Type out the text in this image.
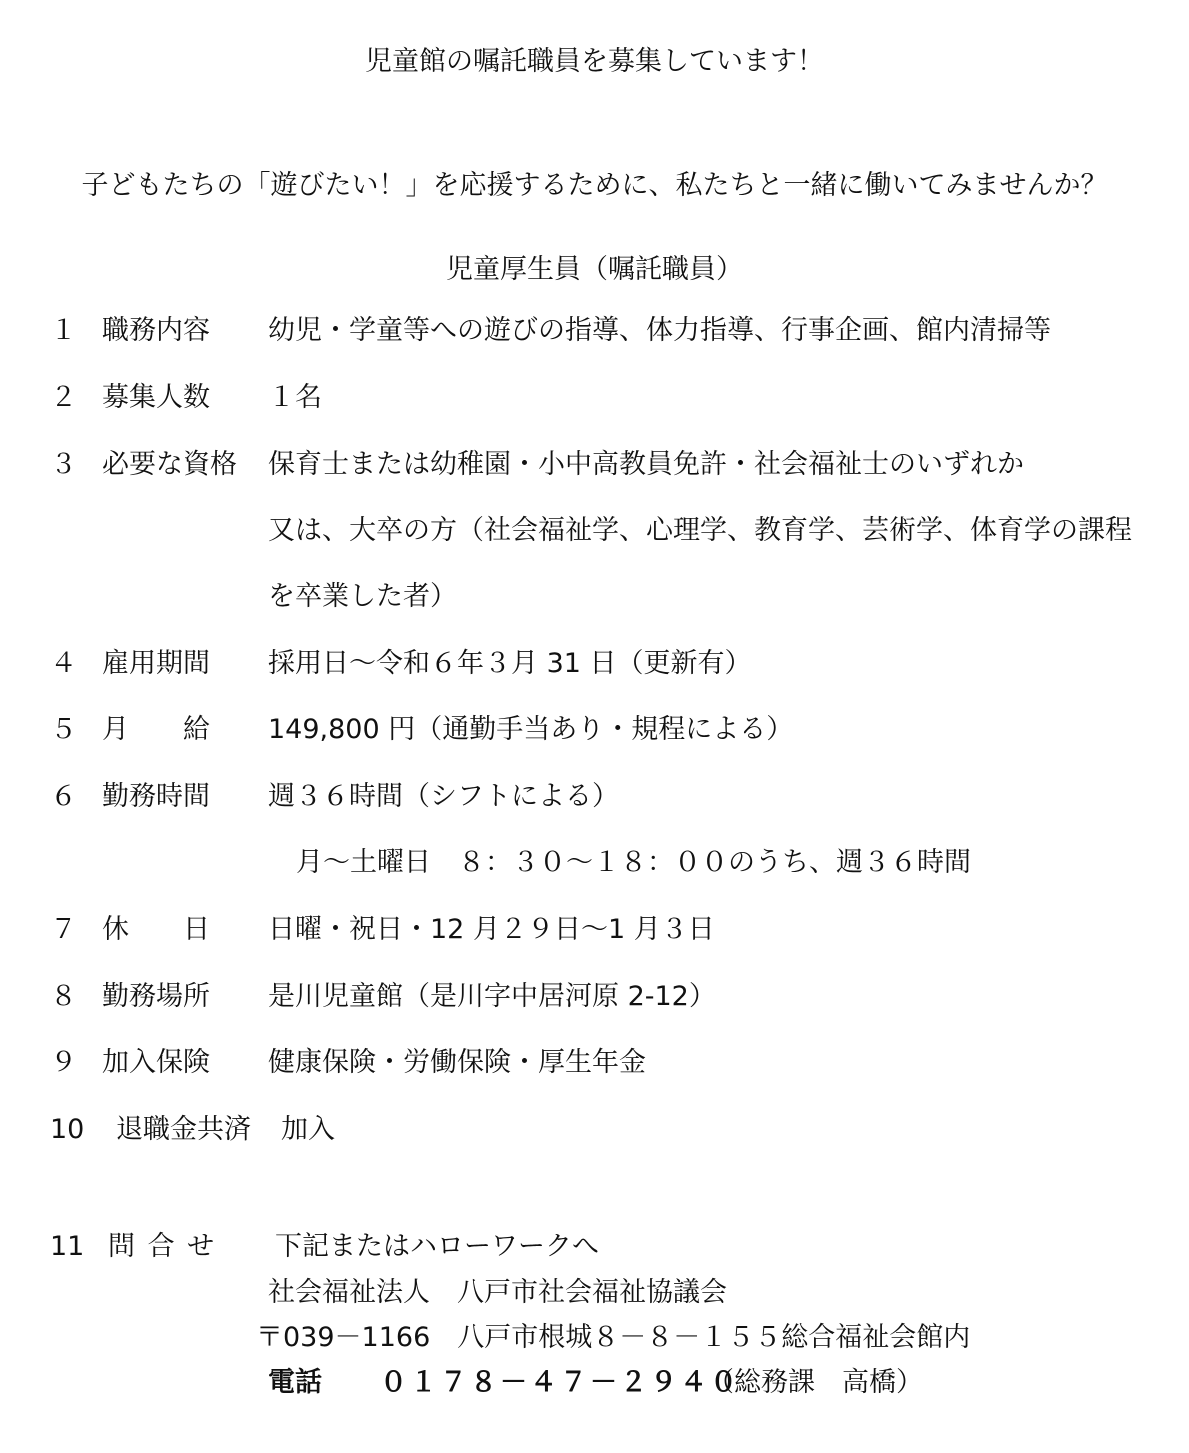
児童館の嘱託職員を募集しています！
子どもたちの「遊びたい！」を応援するために、私たちと一緒に働いてみませんか？
児童厚生員（嘱託職員）
１ 職務内容 幼児・学童等への遊びの指導、体力指導、行事企画、館内清掃等
２ 募集人数 １名
３ 必要な資格 保育士または幼稚園・小中高教員免許・社会福祉士のいずれか
又は、大卒の方（社会福祉学、心理学、教育学、芸術学、体育学の課程
を卒業した者）
４ 雇用期間 採用日～令和６年３月 31 日（更新有）
５ 月　　給 149,800 円（通勤手当あり・規程による）
６ 勤務時間 週３６時間（シフトによる）
月～土曜日　８：３０～１８：００のうち、週３６時間
７ 休　　日 日曜・祝日・12 月２９日～1 月３日
８ 勤務場所 是川児童館（是川字中居河原 2-12）
９ 加入保険 健康保険・労働保険・厚生年金
10 退職金共済 加入
11 問 合 せ 下記またはハローワークへ
社会福祉法人　八戸市社会福祉協議会
〒039－1166　八戸市根城８－８－１５５総合福祉会館内
電話 ０１７８－４７－２９４０
（総務課　高橋）
